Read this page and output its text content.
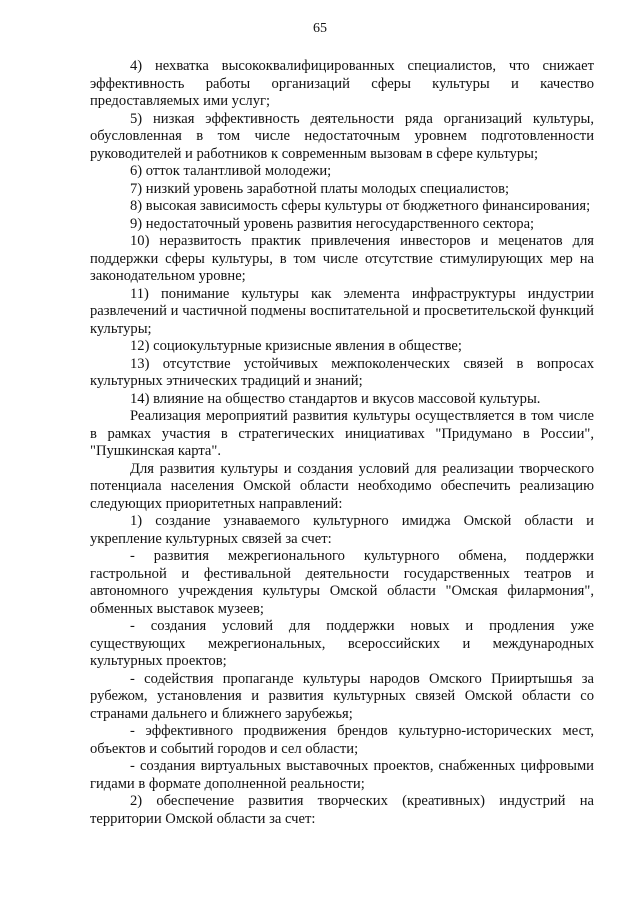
65

4) нехватка высококвалифицированных специалистов, что снижает эффективность работы организаций сферы культуры и качество предоставляемых ими услуг;

5) низкая эффективность деятельности ряда организаций культуры, обусловленная в том числе недостаточным уровнем подготовленности руководителей и работников к современным вызовам в сфере культуры;

6) отток талантливой молодежи;

7) низкий уровень заработной платы молодых специалистов;

8) высокая зависимость сферы культуры от бюджетного финансирования;

9) недостаточный уровень развития негосударственного сектора;

10) неразвитость практик привлечения инвесторов и меценатов для поддержки сферы культуры, в том числе отсутствие стимулирующих мер на законодательном уровне;

11) понимание культуры как элемента инфраструктуры индустрии развлечений и частичной подмены воспитательной и просветительской функций культуры;

12) социокультурные кризисные явления в обществе;

13) отсутствие устойчивых межпоколенческих связей в вопросах культурных этнических традиций и знаний;

14) влияние на общество стандартов и вкусов массовой культуры.

Реализация мероприятий развития культуры осуществляется в том числе в рамках участия в стратегических инициативах "Придумано в России", "Пушкинская карта".

Для развития культуры и создания условий для реализации творческого потенциала населения Омской области необходимо обеспечить реализацию следующих приоритетных направлений:

1) создание узнаваемого культурного имиджа Омской области и укрепление культурных связей за счет:

- развития межрегионального культурного обмена, поддержки гастрольной и фестивальной деятельности государственных театров и автономного учреждения культуры Омской области "Омская филармония", обменных выставок музеев;

- создания условий для поддержки новых и продления уже существующих межрегиональных, всероссийских и международных культурных проектов;

- содействия пропаганде культуры народов Омского Прииртышья за рубежом, установления и развития культурных связей Омской области со странами дальнего и ближнего зарубежья;

- эффективного продвижения брендов культурно-исторических мест, объектов и событий городов и сел области;

- создания виртуальных выставочных проектов, снабженных цифровыми гидами в формате дополненной реальности;

2) обеспечение развития творческих (креативных) индустрий на территории Омской области за счет:
